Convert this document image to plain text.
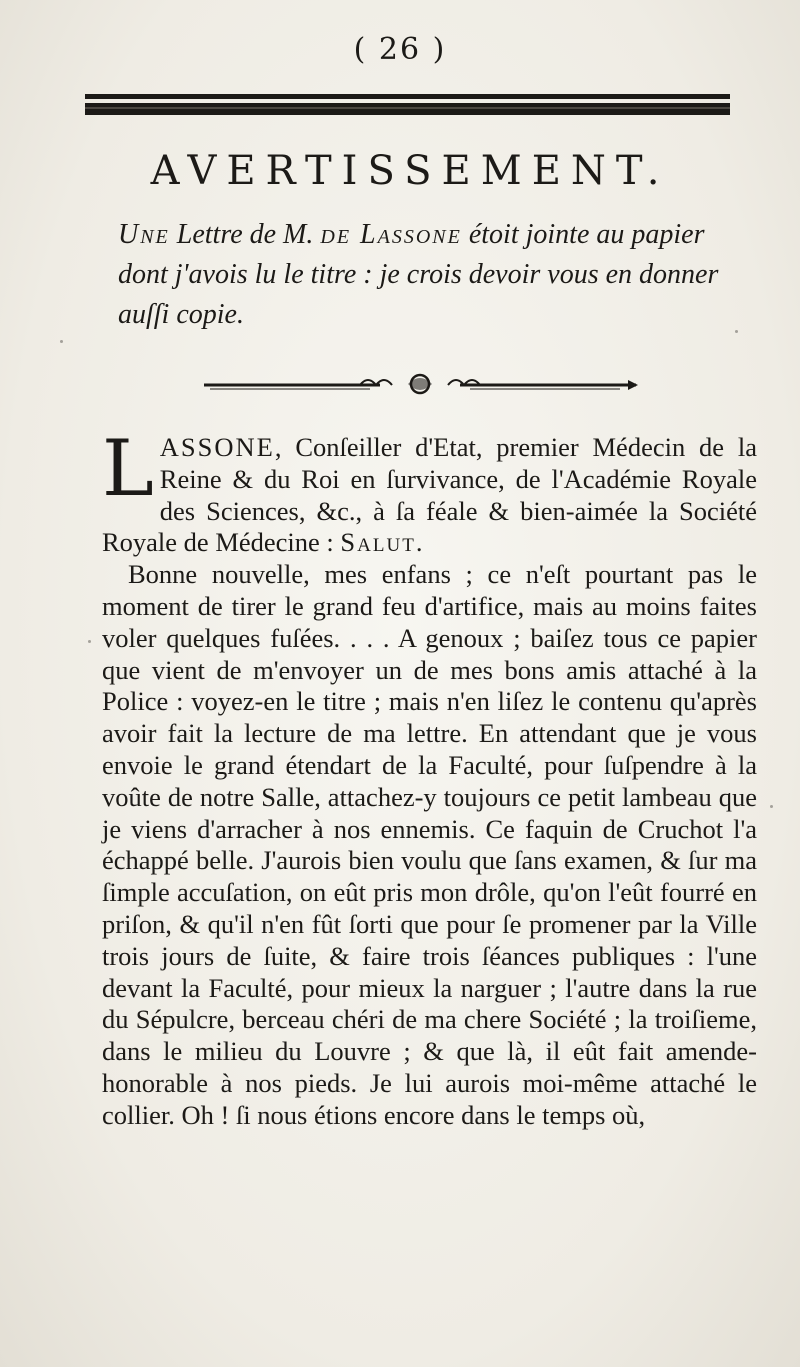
( 26 )
AVERTISSEMENT.
Une Lettre de M. de Lassone étoit jointe au papier dont j'avois lu le titre : je crois devoir vous en donner auſſi copie.

LASSONE, Conſeiller d'Etat, premier Médecin de la Reine & du Roi en ſurvivance, de l'Académie Royale des Sciences, &c., à ſa féale & bien-aimée la Société Royale de Médecine : Salut.

Bonne nouvelle, mes enfans ; ce n'eſt pourtant pas le moment de tirer le grand feu d'artifice, mais au moins faites voler quelques fuſées. . . . A genoux ; baiſez tous ce papier que vient de m'envoyer un de mes bons amis attaché à la Police : voyez-en le titre ; mais n'en liſez le contenu qu'après avoir fait la lecture de ma lettre. En attendant que je vous envoie le grand étendart de la Faculté, pour ſuſpendre à la voûte de notre Salle, attachez-y toujours ce petit lambeau que je viens d'arracher à nos ennemis. Ce faquin de Cruchot l'a échappé belle. J'aurois bien voulu que ſans examen, & ſur ma ſimple accuſation, on eût pris mon drôle, qu'on l'eût fourré en priſon, & qu'il n'en fût ſorti que pour ſe promener par la Ville trois jours de ſuite, & faire trois ſéances publiques : l'une devant la Faculté, pour mieux la narguer ; l'autre dans la rue du Sépulcre, berceau chéri de ma chere Société ; la troiſieme, dans le milieu du Louvre ; & que là, il eût fait amende-honorable à nos pieds. Je lui aurois moi-même attaché le collier. Oh ! ſi nous étions encore dans le temps où,
